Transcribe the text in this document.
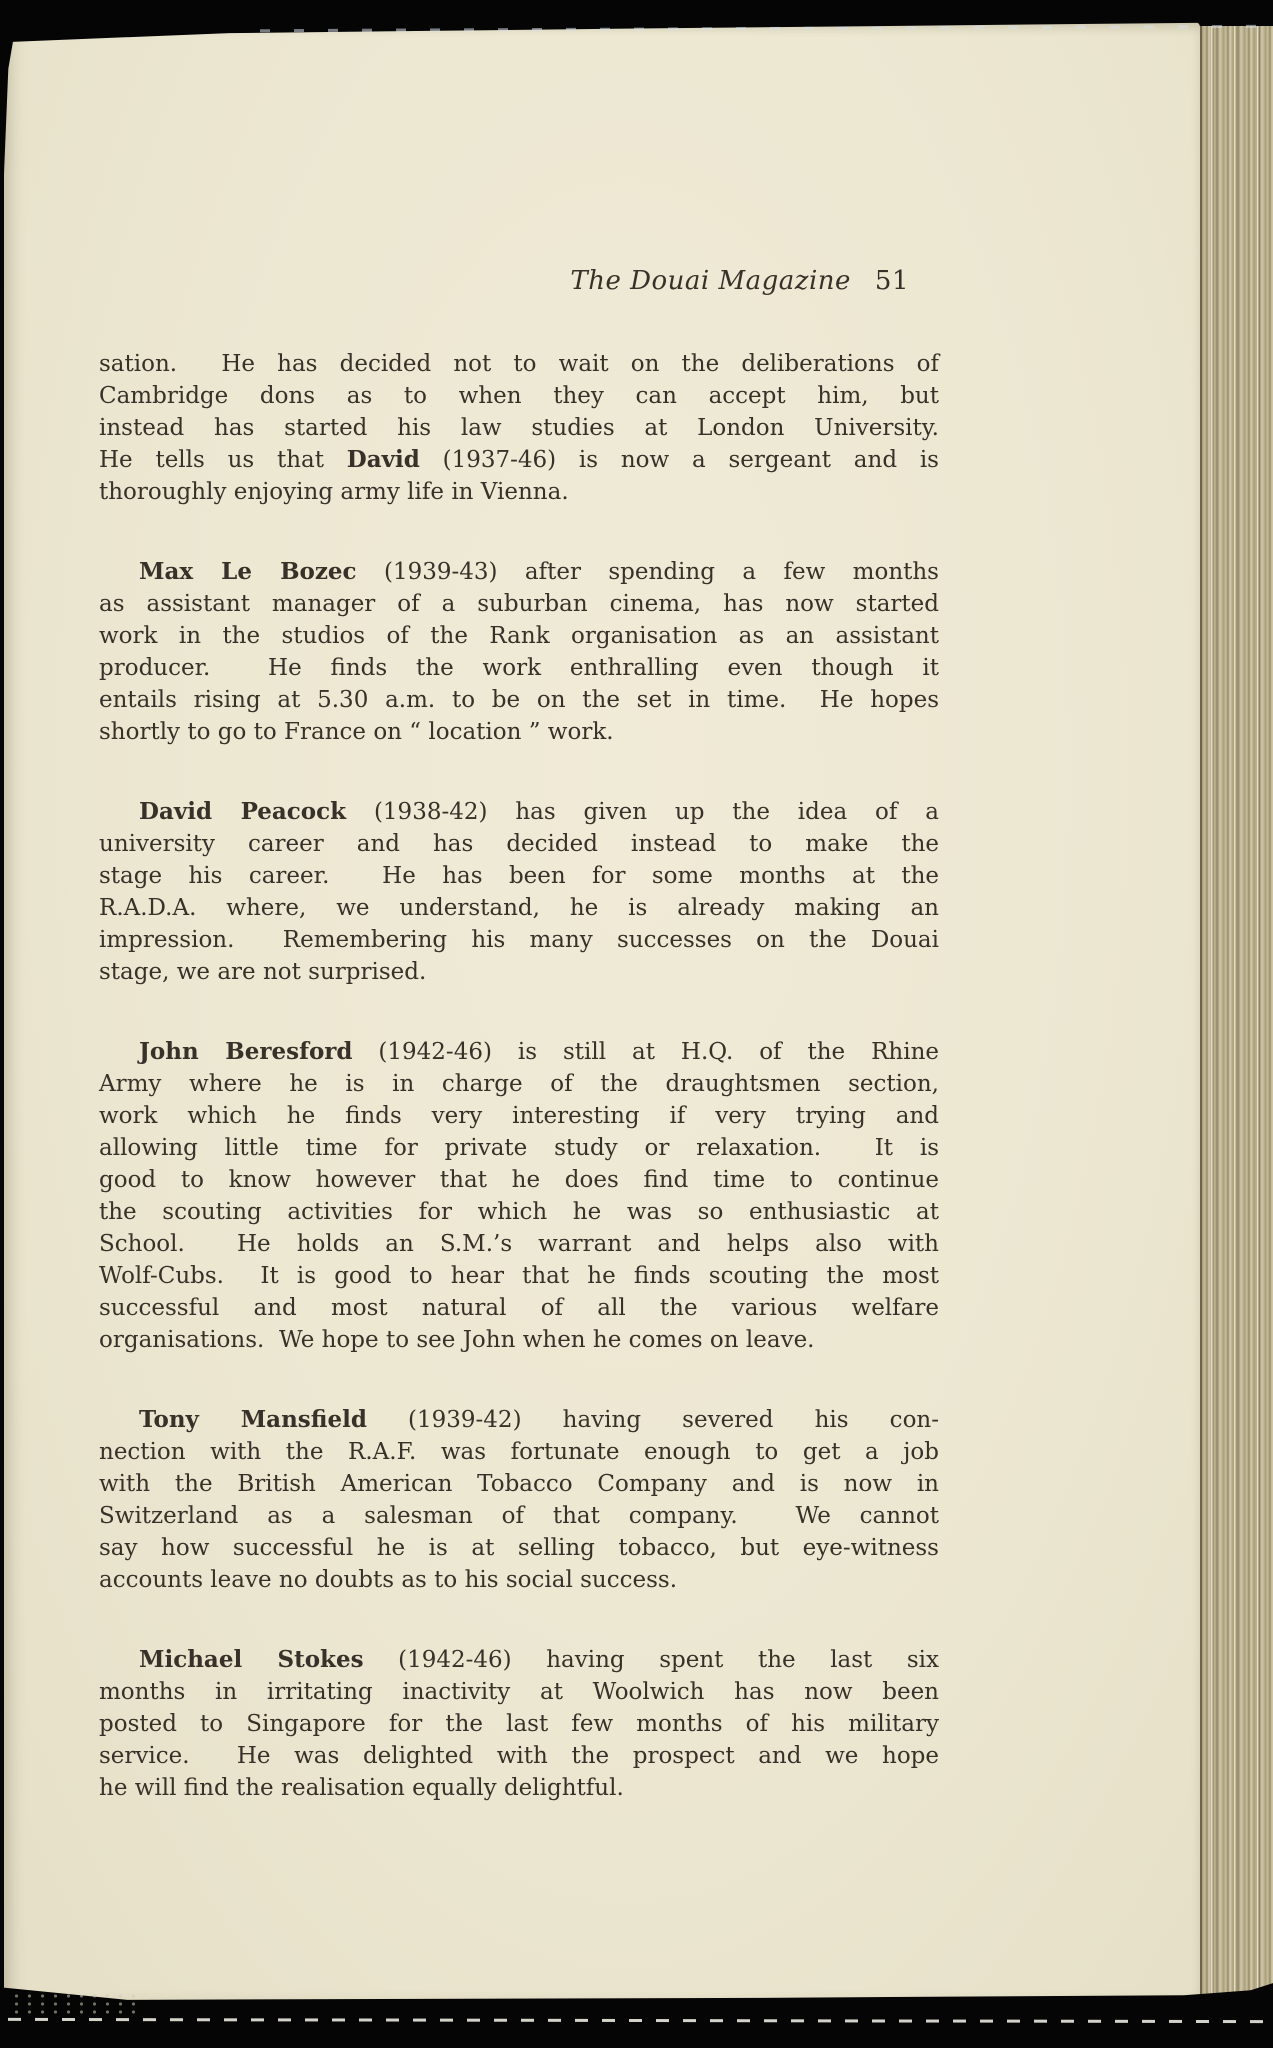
The Douai Magazine 51
sation.  He has decided not to wait on the deliberations of
Cambridge dons as to when they can accept him, but
instead has started his law studies at London University.
He tells us that David (1937-46) is now a sergeant and is
thoroughly enjoying army life in Vienna.
Max Le Bozec (1939-43) after spending a few months
as assistant manager of a suburban cinema, has now started
work in the studios of the Rank organisation as an assistant
producer.  He finds the work enthralling even though it
entails rising at 5.30 a.m. to be on the set in time.  He hopes
shortly to go to France on “ location ” work.
David Peacock (1938-42) has given up the idea of a
university career and has decided instead to make the
stage his career.  He has been for some months at the
R.A.D.A. where, we understand, he is already making an
impression.  Remembering his many successes on the Douai
stage, we are not surprised.
John Beresford (1942-46) is still at H.Q. of the Rhine
Army where he is in charge of the draughtsmen section,
work which he finds very interesting if very trying and
allowing little time for private study or relaxation.  It is
good to know however that he does find time to continue
the scouting activities for which he was so enthusiastic at
School.  He holds an S.M.’s warrant and helps also with
Wolf-Cubs.  It is good to hear that he finds scouting the most
successful and most natural of all the various welfare
organisations.  We hope to see John when he comes on leave.
Tony Mansfield (1939-42) having severed his con-
nection with the R.A.F. was fortunate enough to get a job
with the British American Tobacco Company and is now in
Switzerland as a salesman of that company.  We cannot
say how successful he is at selling tobacco, but eye-witness
accounts leave no doubts as to his social success.
Michael Stokes (1942-46) having spent the last six
months in irritating inactivity at Woolwich has now been
posted to Singapore for the last few months of his military
service.  He was delighted with the prospect and we hope
he will find the realisation equally delightful.
